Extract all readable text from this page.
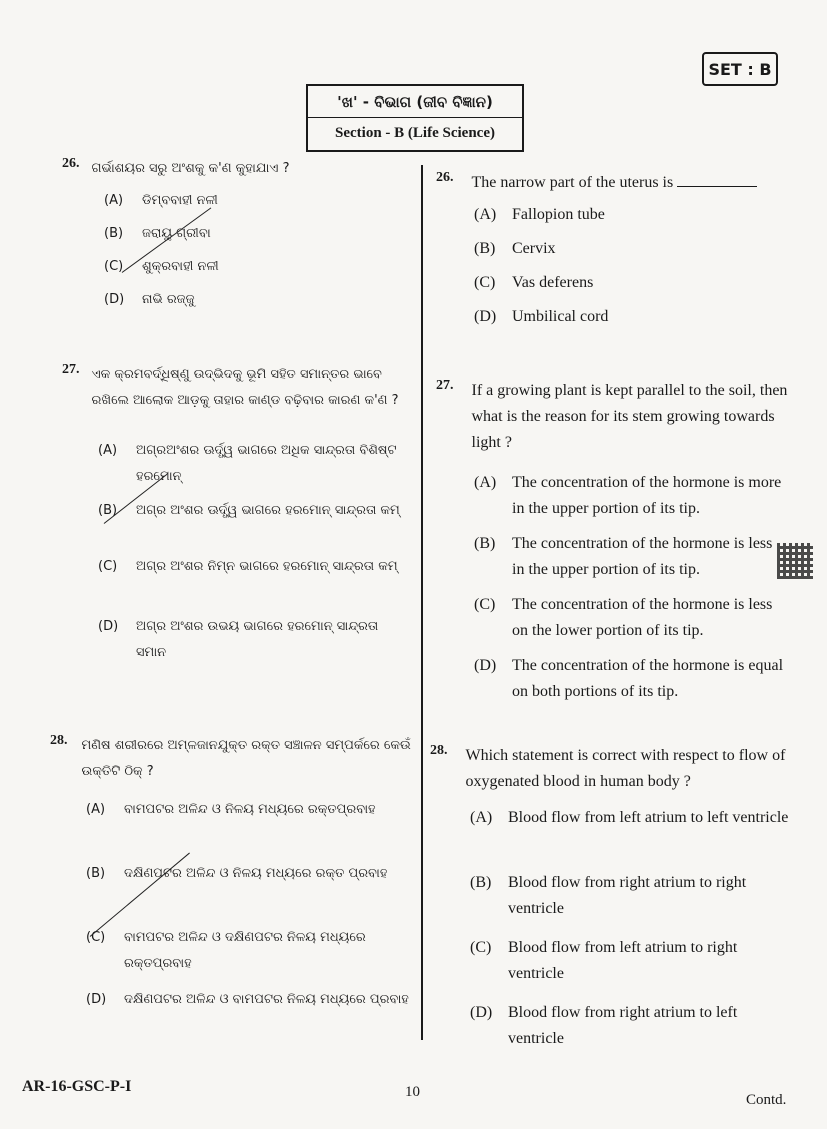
SET : B
'ଖ' - ବିଭାଗ (ଜୀବ ବିଜ୍ଞାନ)
Section - B (Life Science)
26. ଗର୍ଭାଶୟର ସରୁ ଅଂଶକୁ କ'ଣ କୁହାଯାଏ ?
(A)	ଡିମ୍ବବାହୀ ନଳୀ
(B)	ଜରାୟୁ ଗ୍ରୀବା
(C)	ଶୁକ୍ରବାହୀ ନଳୀ
(D)	ନାଭି ରଜ୍ଜୁ
26. The narrow part of the uterus is
(A) Fallopion tube
(B)	Cervix
(C)	Vas deferens
(D) Umbilical cord
27. ଏକ କ୍ରମବର୍ଦ୍ଧିଷ୍ଣୁ ଉଦ୍ଭିଦକୁ ଭୂମି ସହିତ ସମାନ୍ତର ଭାବେ ରଖିଲେ ଆଲୋକ ଆଡ଼କୁ ତାହାର କାଣ୍ଡ ବଢ଼ିବାର କାରଣ କ'ଣ ?
(A)	ଅଗ୍ରଅଂଶର ଊର୍ଦ୍ଧ୍ୱ ଭାଗରେ ଅଧିକ ସାନ୍ଦ୍ରତା ବିଶିଷ୍ଟ ହରମୋନ୍
(B)	ଅଗ୍ର ଅଂଶର ଊର୍ଦ୍ଧ୍ୱ ଭାଗରେ ହରମୋନ୍ ସାନ୍ଦ୍ରତା କମ୍
(C)	ଅଗ୍ର ଅଂଶର ନିମ୍ନ ଭାଗରେ ହରମୋନ୍ ସାନ୍ଦ୍ରତା କମ୍
(D)	ଅଗ୍ର ଅଂଶର ଉଭୟ ଭାଗରେ ହରମୋନ୍ ସାନ୍ଦ୍ରତା ସମାନ
27. If a growing plant is kept parallel to the soil, then what is the reason for its stem growing towards light ?
(A) The concentration of the hormone is more in the upper portion of its tip.
(B)	The concentration of the hormone is less in the upper portion of its tip.
(C)	The concentration of the hormone is less on the lower portion of its tip.
(D) The concentration of the hormone is equal on both portions of its tip.
28. ମଣିଷ ଶରୀରରେ ଅମ୍ଳଜାନଯୁକ୍ତ ରକ୍ତ ସଞ୍ଚାଳନ ସମ୍ପର୍କରେ କେଉଁ ଉକ୍ତିଟି ଠିକ୍ ?
(A)	ବାମପଟର ଅଳିନ୍ଦ ଓ ନିଳୟ ମଧ୍ୟରେ ରକ୍ତପ୍ରବାହ
(B)	ଦକ୍ଷିଣପଟର ଅଳିନ୍ଦ ଓ ନିଳୟ ମଧ୍ୟରେ ରକ୍ତ ପ୍ରବାହ
(C)	ବାମପଟର ଅଳିନ୍ଦ ଓ ଦକ୍ଷିଣପଟର ନିଳୟ ମଧ୍ୟରେ ରକ୍ତପ୍ରବାହ
(D)	ଦକ୍ଷିଣପଟର ଅଳିନ୍ଦ ଓ ବାମପଟର ନିଳୟ ମଧ୍ୟରେ ପ୍ରବାହ
28. Which statement is correct with respect to flow of oxygenated blood in human body ?
(A) Blood flow from left atrium to left ventricle
(B)	Blood flow from right atrium to right ventricle
(C)	Blood flow from left atrium to right ventricle
(D) Blood flow from right atrium to left ventricle
AR-16-GSC-P-I	10	Contd.
